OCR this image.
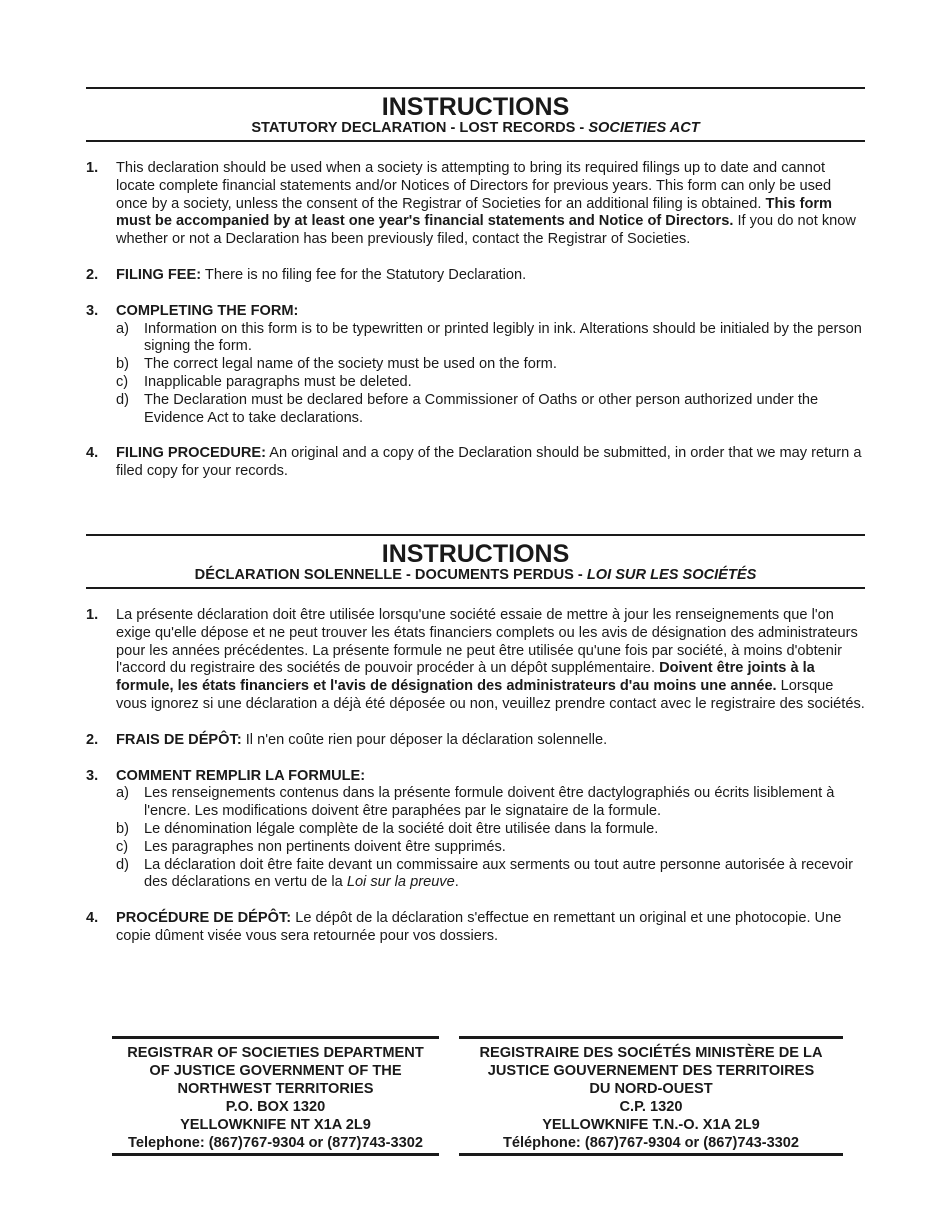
INSTRUCTIONS
STATUTORY DECLARATION - LOST RECORDS - SOCIETIES ACT
1. This declaration should be used when a society is attempting to bring its required filings up to date and cannot locate complete financial statements and/or Notices of Directors for previous years. This form can only be used once by a society, unless the consent of the Registrar of Societies for an additional filing is obtained. This form must be accompanied by at least one year's financial statements and Notice of Directors. If you do not know whether or not a Declaration has been previously filed, contact the Registrar of Societies.
2. FILING FEE: There is no filing fee for the Statutory Declaration.
3. COMPLETING THE FORM:
a) Information on this form is to be typewritten or printed legibly in ink. Alterations should be initialed by the person signing the form.
b) The correct legal name of the society must be used on the form.
c) Inapplicable paragraphs must be deleted.
d) The Declaration must be declared before a Commissioner of Oaths or other person authorized under the Evidence Act to take declarations.
4. FILING PROCEDURE: An original and a copy of the Declaration should be submitted, in order that we may return a filed copy for your records.
INSTRUCTIONS
DÉCLARATION SOLENNELLE - DOCUMENTS PERDUS - LOI SUR LES SOCIÉTÉS
1. La présente déclaration doit être utilisée lorsqu'une société essaie de mettre à jour les renseignements que l'on exige qu'elle dépose et ne peut trouver les états financiers complets ou les avis de désignation des administrateurs pour les années précédentes. La présente formule ne peut être utilisée qu'une fois par société, à moins d'obtenir l'accord du registraire des sociétés de pouvoir procéder à un dépôt supplémentaire. Doivent être joints à la formule, les états financiers et l'avis de désignation des administrateurs d'au moins une année. Lorsque vous ignorez si une déclaration a déjà été déposée ou non, veuillez prendre contact avec le registraire des sociétés.
2. FRAIS DE DÉPÔT: Il n'en coûte rien pour déposer la déclaration solennelle.
3. COMMENT REMPLIR LA FORMULE:
a) Les renseignements contenus dans la présente formule doivent être dactylographiés ou écrits lisiblement à l'encre. Les modifications doivent être paraphées par le signataire de la formule.
b) Le dénomination légale complète de la société doit être utilisée dans la formule.
c) Les paragraphes non pertinents doivent être supprimés.
d) La déclaration doit être faite devant un commissaire aux serments ou tout autre personne autorisée à recevoir des déclarations en vertu de la Loi sur la preuve.
4. PROCÉDURE DE DÉPÔT: Le dépôt de la déclaration s'effectue en remettant un original et une photocopie. Une copie dûment visée vous sera retournée pour vos dossiers.
REGISTRAR OF SOCIETIES DEPARTMENT
OF JUSTICE GOVERNMENT OF THE
NORTHWEST TERRITORIES
P.O. BOX 1320
YELLOWKNIFE NT X1A 2L9
Telephone: (867)767-9304 or (877)743-3302
REGISTRAIRE DES SOCIÉTÉS MINISTÈRE DE LA
JUSTICE GOUVERNEMENT DES TERRITOIRES
DU NORD-OUEST
C.P. 1320
YELLOWKNIFE T.N.-O. X1A 2L9
Téléphone: (867)767-9304 or (867)743-3302
